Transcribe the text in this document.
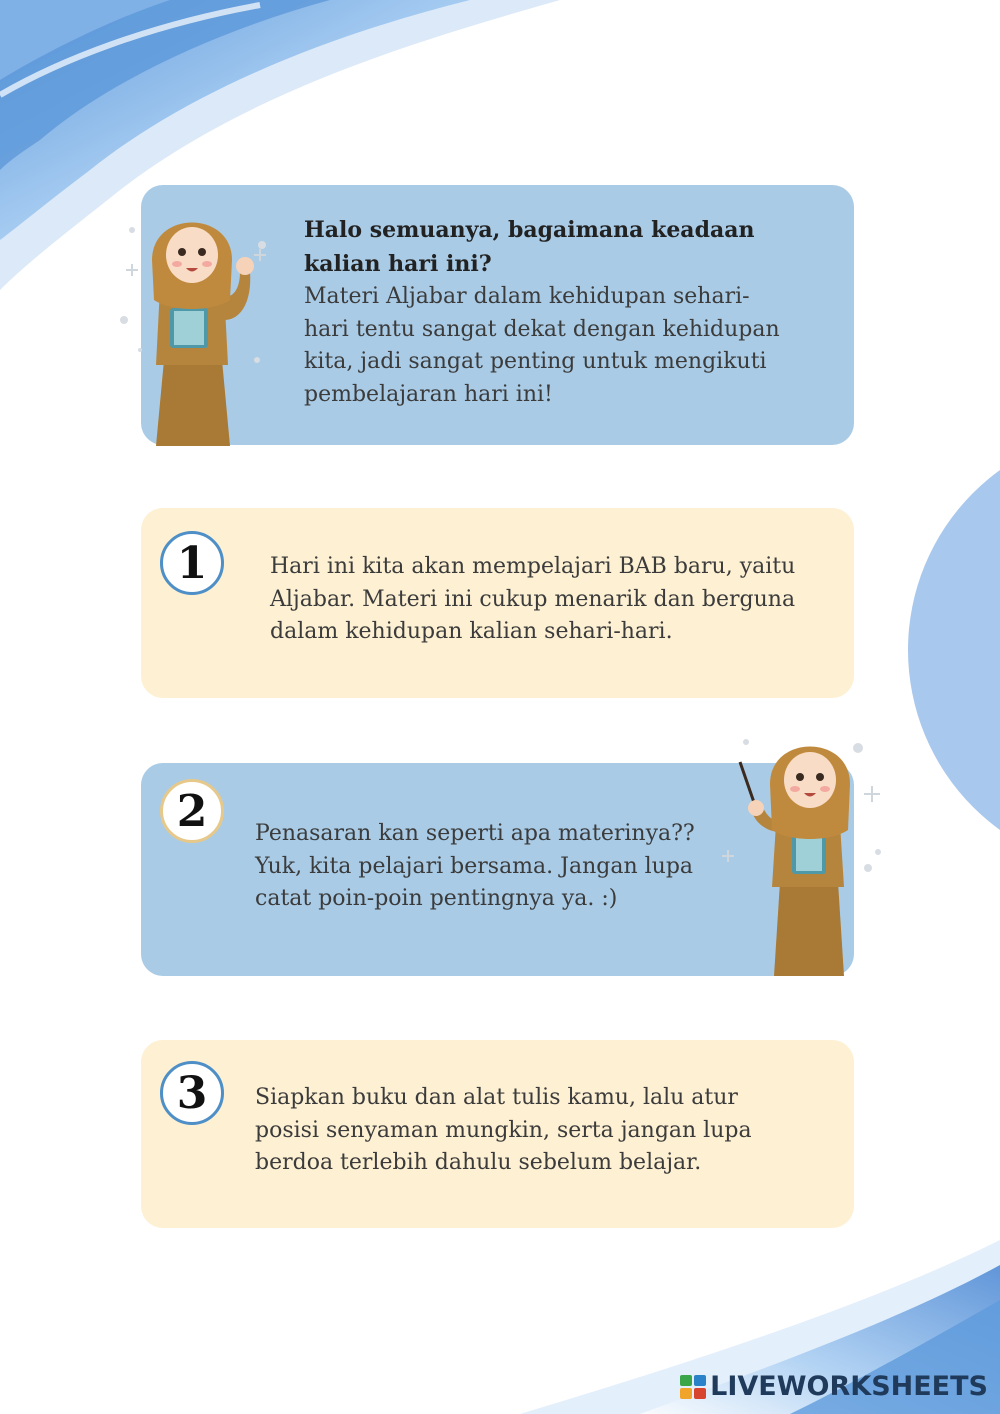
Halo semuanya, bagaimana keadaan kalian hari ini?
Materi Aljabar dalam kehidupan sehari-hari tentu sangat dekat dengan kehidupan kita, jadi sangat penting untuk mengikuti pembelajaran hari ini!
1	Hari ini kita akan mempelajari BAB baru, yaitu Aljabar. Materi ini cukup menarik dan berguna dalam kehidupan kalian sehari-hari.

2 Penasaran kan seperti apa materinya?? Yuk, kita pelajari bersama. Jangan lupa catat poin-poin pentingnya ya. :)

3 Siapkan buku dan alat tulis kamu, lalu atur posisi senyaman mungkin, serta jangan lupa berdoa terlebih dahulu sebelum belajar.

LIVEWORKSHEETS
